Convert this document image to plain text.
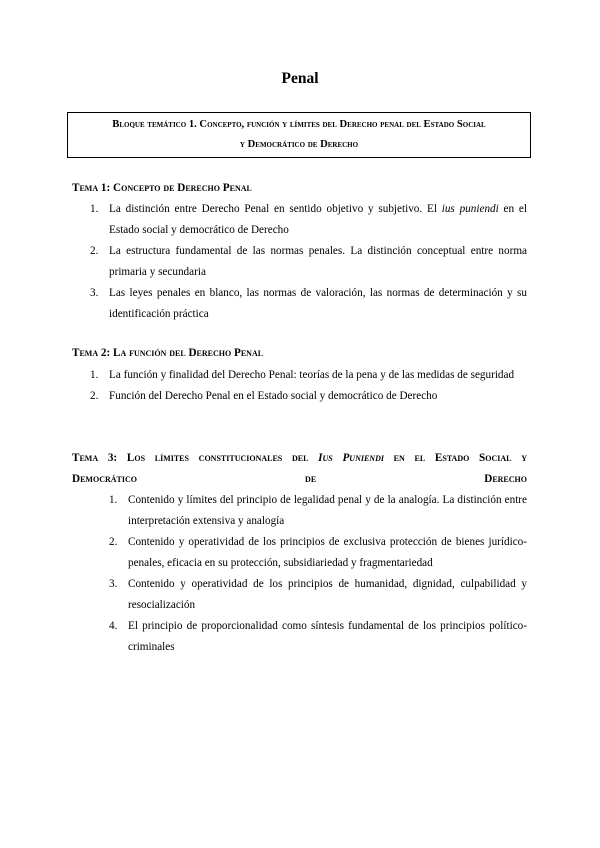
Penal
Bloque temático 1. Concepto, función y límites del Derecho penal del Estado Social
y Democrático de Derecho
Tema 1: Concepto de Derecho Penal
1. La distinción entre Derecho Penal en sentido objetivo y subjetivo. El ius puniendi en el Estado social y democrático de Derecho
2. La estructura fundamental de las normas penales. La distinción conceptual entre norma primaria y secundaria
3. Las leyes penales en blanco, las normas de valoración, las normas de determinación y su identificación práctica
Tema 2: La función del Derecho Penal
1. La función y finalidad del Derecho Penal: teorías de la pena y de las medidas de seguridad
2. Función del Derecho Penal en el Estado social y democrático de Derecho
Tema 3: Los límites constitucionales del Ius Puniendi en el Estado Social y
Democrático de Derecho
1. Contenido y límites del principio de legalidad penal y de la analogía. La distinción entre interpretación extensiva y analogía
2. Contenido y operatividad de los principios de exclusiva protección de bienes jurídico-penales, eficacia en su protección, subsidiariedad y fragmentariedad
3. Contenido y operatividad de los principios de humanidad, dignidad, culpabilidad y resocialización
4. El principio de proporcionalidad como síntesis fundamental de los principios político-criminales
